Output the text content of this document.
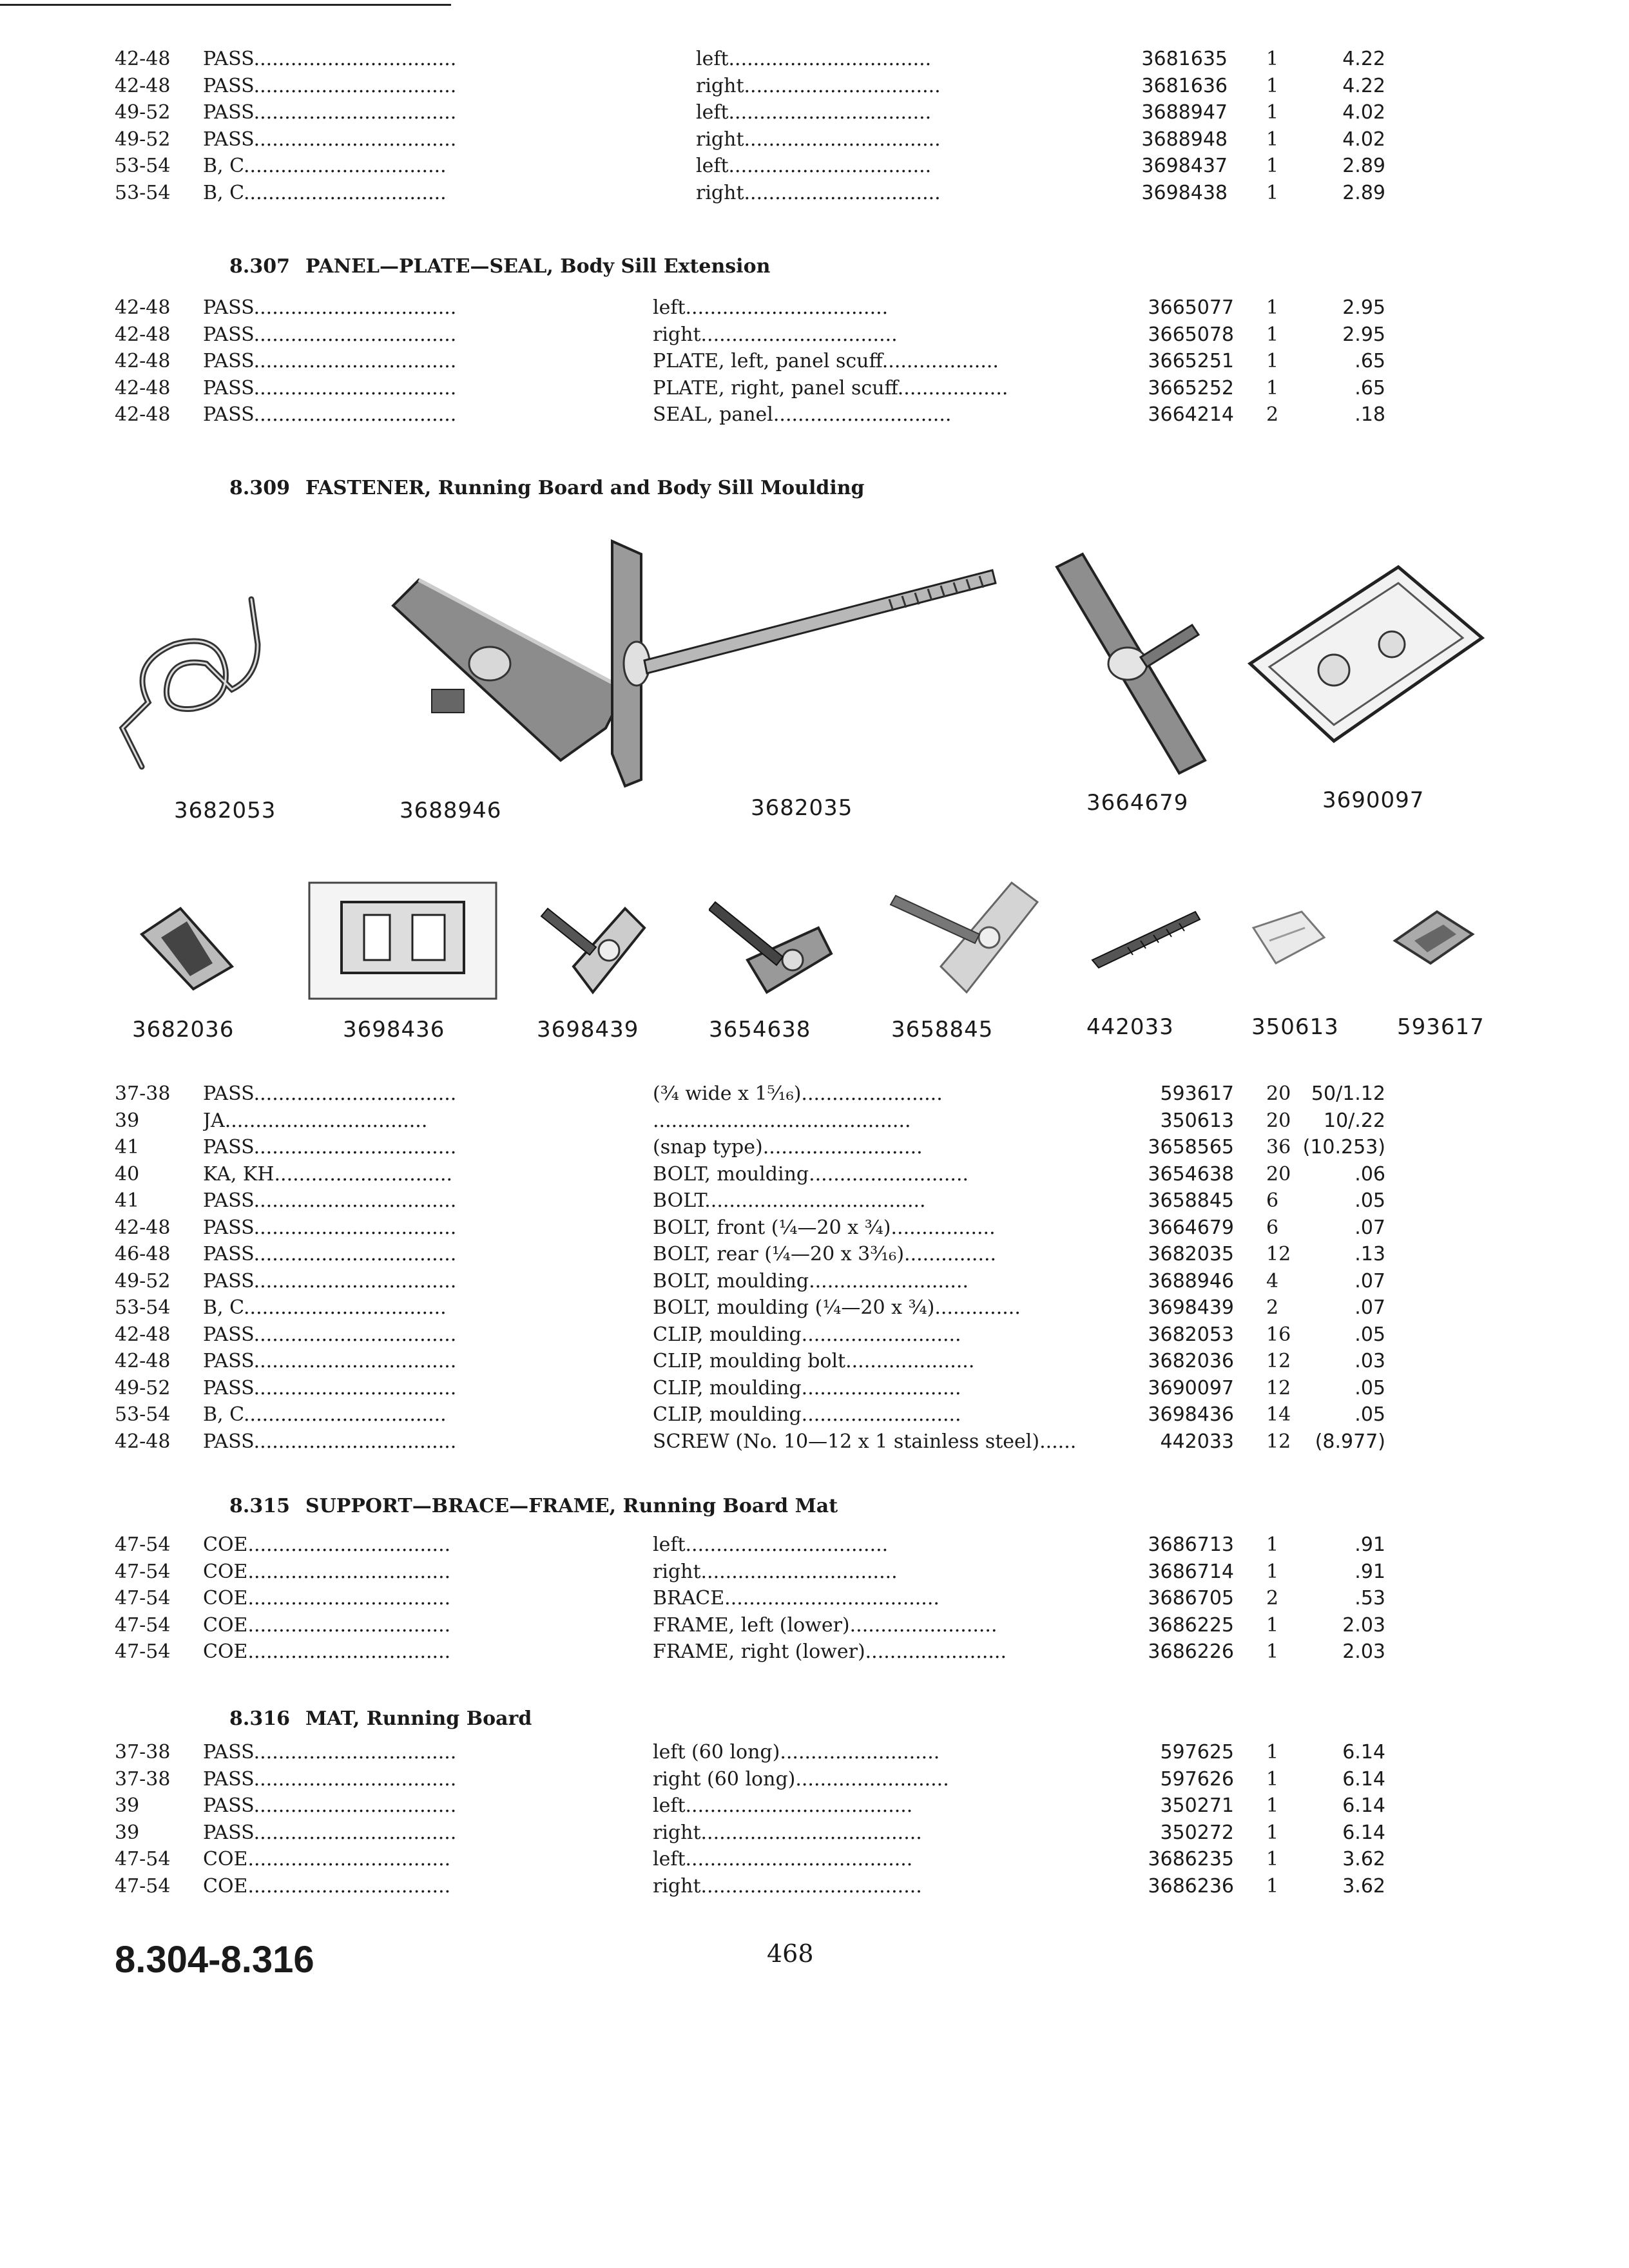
42-48 PASS.................................	left.................................	3681635 1	4.22
42-48 PASS.................................	right................................	3681636 1	4.22
49-52 PASS.................................	left.................................	3688947 1	4.02
49-52 PASS.................................	right................................	3688948 1	4.02
53-54 B, C.................................	left.................................	3698437 1	2.89
53-54 B, C.................................	right................................	3698438 1	2.89
8.307 PANEL—PLATE—SEAL, Body Sill Extension
42-48 PASS.................................	left.................................	3665077 1	2.95
42-48 PASS.................................	right................................	3665078 1	2.95
42-48 PASS.................................	PLATE, left, panel scuff...................	3665251 1	.65
42-48 PASS.................................	PLATE, right, panel scuff..................	3665252 1	.65
42-48 PASS.................................	SEAL, panel.............................	3664214 2	.18
8.309 FASTENER, Running Board and Body Sill Moulding
3682053	3688946	3682035	3664679	3690097
3682036	3698436	3698439	3654638	3658845	442033	350613	593617
37-38 PASS.................................	(¾ wide x 1⁵⁄₁₆).......................	593617 20	50/1.12
39	JA.................................	..........................................	350613 20	10/.22
41	PASS.................................	(snap type)..........................	3658565 36 (10.253)
40	KA, KH.............................	BOLT, moulding..........................	3654638 20	.06
41	PASS.................................	BOLT....................................	3658845 6	.05
42-48 PASS.................................	BOLT, front (¼—20 x ¾).................	3664679 6	.07
46-48 PASS.................................	BOLT, rear (¼—20 x 3³⁄₁₆)...............	3682035 12	.13
49-52 PASS.................................	BOLT, moulding..........................	3688946 4	.07
53-54 B, C.................................	BOLT, moulding (¼—20 x ¾)..............	3698439 2	.07
42-48 PASS.................................	CLIP, moulding..........................	3682053 16	.05
42-48 PASS.................................	CLIP, moulding bolt.....................	3682036 12	.03
49-52 PASS.................................	CLIP, moulding..........................	3690097 12	.05
53-54 B, C.................................	CLIP, moulding..........................	3698436 14	.05
42-48 PASS.................................	SCREW (No. 10—12 x 1 stainless steel)......	442033 12	(8.977)
8.315 SUPPORT—BRACE—FRAME, Running Board Mat
47-54 COE.................................	left.................................	3686713 1	.91
47-54 COE.................................	right................................	3686714 1	.91
47-54 COE.................................	BRACE...................................	3686705 2	.53
47-54 COE.................................	FRAME, left (lower)........................	3686225 1	2.03
47-54 COE.................................	FRAME, right (lower).......................	3686226 1	2.03
8.316 MAT, Running Board
37-38 PASS.................................	left (60 long)..........................	597625 1	6.14
37-38 PASS.................................	right (60 long).........................	597626 1	6.14
39	PASS.................................	left.....................................	350271 1	6.14
39	PASS.................................	right....................................	350272 1	6.14
47-54 COE.................................	left.....................................	3686235 1	3.62
47-54 COE.................................	right....................................	3686236 1	3.62
8.304-8.316	468
